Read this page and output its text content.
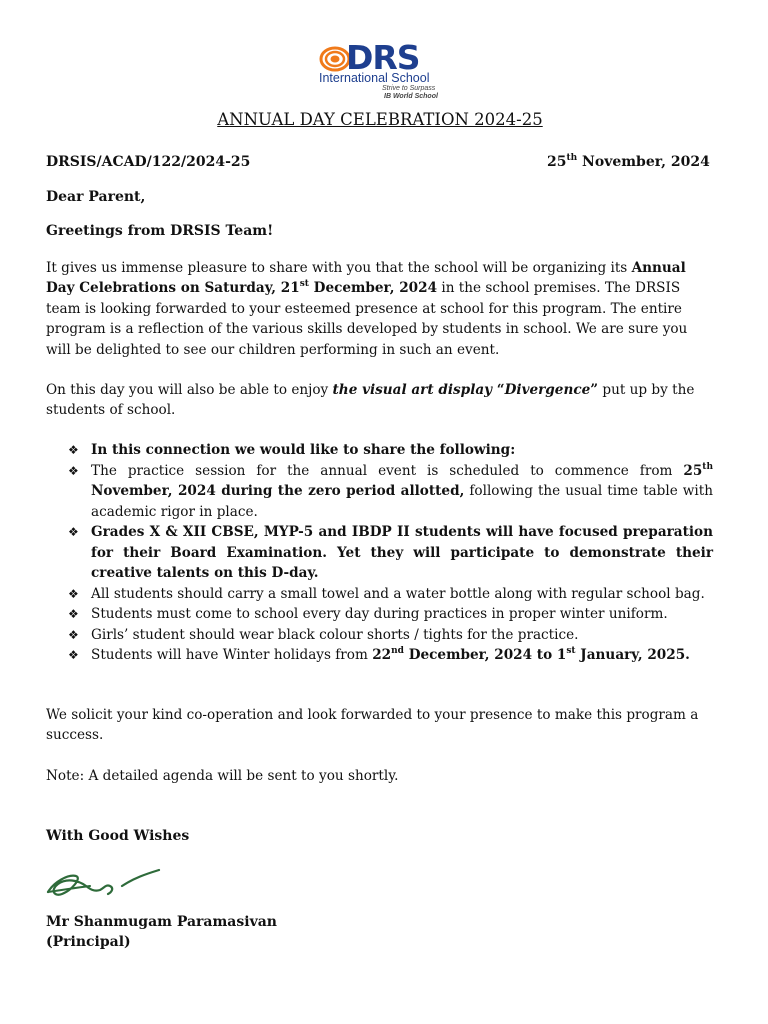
DRS
International School
Strive to Surpass
IB World School
ANNUAL DAY CELEBRATION 2024-25
DRSIS/ACAD/122/2024-25	25th November, 2024
Dear Parent,
Greetings from DRSIS Team!
It gives us immense pleasure to share with you that the school will be organizing its Annual Day Celebrations on Saturday, 21st December, 2024 in the school premises. The DRSIS team is looking forwarded to your esteemed presence at school for this program. The entire program is a reflection of the various skills developed by students in school. We are sure you will be delighted to see our children performing in such an event.
On this day you will also be able to enjoy the visual art display “Divergence” put up by the students of school.
❖ In this connection we would like to share the following:
❖ The practice session for the annual event is scheduled to commence from 25th November, 2024 during the zero period allotted, following the usual time table with academic rigor in place.
❖ Grades X & XII CBSE, MYP-5 and IBDP II students will have focused preparation for their Board Examination. Yet they will participate to demonstrate their creative talents on this D-day.
❖ All students should carry a small towel and a water bottle along with regular school bag.
❖ Students must come to school every day during practices in proper winter uniform.
❖ Girls’ student should wear black colour shorts / tights for the practice.
❖ Students will have Winter holidays from 22nd December, 2024 to 1st January, 2025.
We solicit your kind co-operation and look forwarded to your presence to make this program a success.
Note: A detailed agenda will be sent to you shortly.
With Good Wishes
Mr Shanmugam Paramasivan
(Principal)
